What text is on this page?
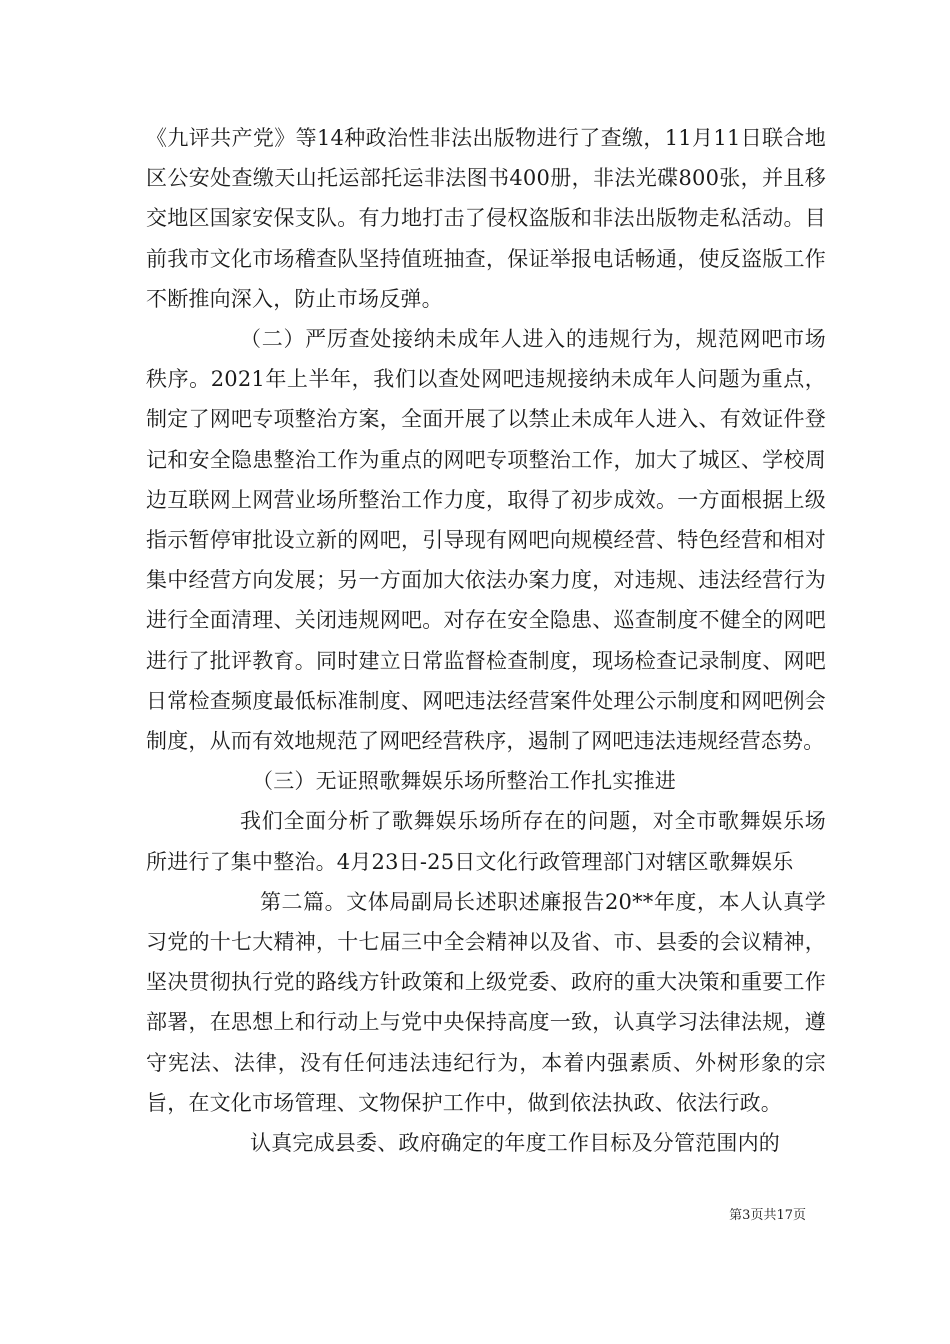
《九评共产党》等14种政治性非法出版物进行了查缴，11月11日联合地区公安处查缴天山托运部托运非法图书400册，非法光碟800张，并且移交地区国家安保支队。有力地打击了侵权盗版和非法出版物走私活动。目前我市文化市场稽查队坚持值班抽查，保证举报电话畅通，使反盗版工作不断推向深入，防止市场反弹。

（二）严厉查处接纳未成年人进入的违规行为，规范网吧市场秩序。2021年上半年，我们以查处网吧违规接纳未成年人问题为重点，制定了网吧专项整治方案，全面开展了以禁止未成年人进入、有效证件登记和安全隐患整治工作为重点的网吧专项整治工作，加大了城区、学校周边互联网上网营业场所整治工作力度，取得了初步成效。一方面根据上级指示暂停审批设立新的网吧，引导现有网吧向规模经营、特色经营和相对集中经营方向发展；另一方面加大依法办案力度，对违规、违法经营行为进行全面清理、关闭违规网吧。对存在安全隐患、巡查制度不健全的网吧进行了批评教育。同时建立日常监督检查制度，现场检查记录制度、网吧日常检查频度最低标准制度、网吧违法经营案件处理公示制度和网吧例会制度，从而有效地规范了网吧经营秩序，遏制了网吧违法违规经营态势。

（三）无证照歌舞娱乐场所整治工作扎实推进

我们全面分析了歌舞娱乐场所存在的问题，对全市歌舞娱乐场所进行了集中整治。4月23日-25日文化行政管理部门对辖区歌舞娱乐

第二篇。文体局副局长述职述廉报告20**年度，本人认真学习党的十七大精神，十七届三中全会精神以及省、市、县委的会议精神，坚决贯彻执行党的路线方针政策和上级党委、政府的重大决策和重要工作部署，在思想上和行动上与党中央保持高度一致，认真学习法律法规，遵守宪法、法律，没有任何违法违纪行为，本着内强素质、外树形象的宗旨，在文化市场管理、文物保护工作中，做到依法执政、依法行政。

认真完成县委、政府确定的年度工作目标及分管范围内的

第3页共17页
